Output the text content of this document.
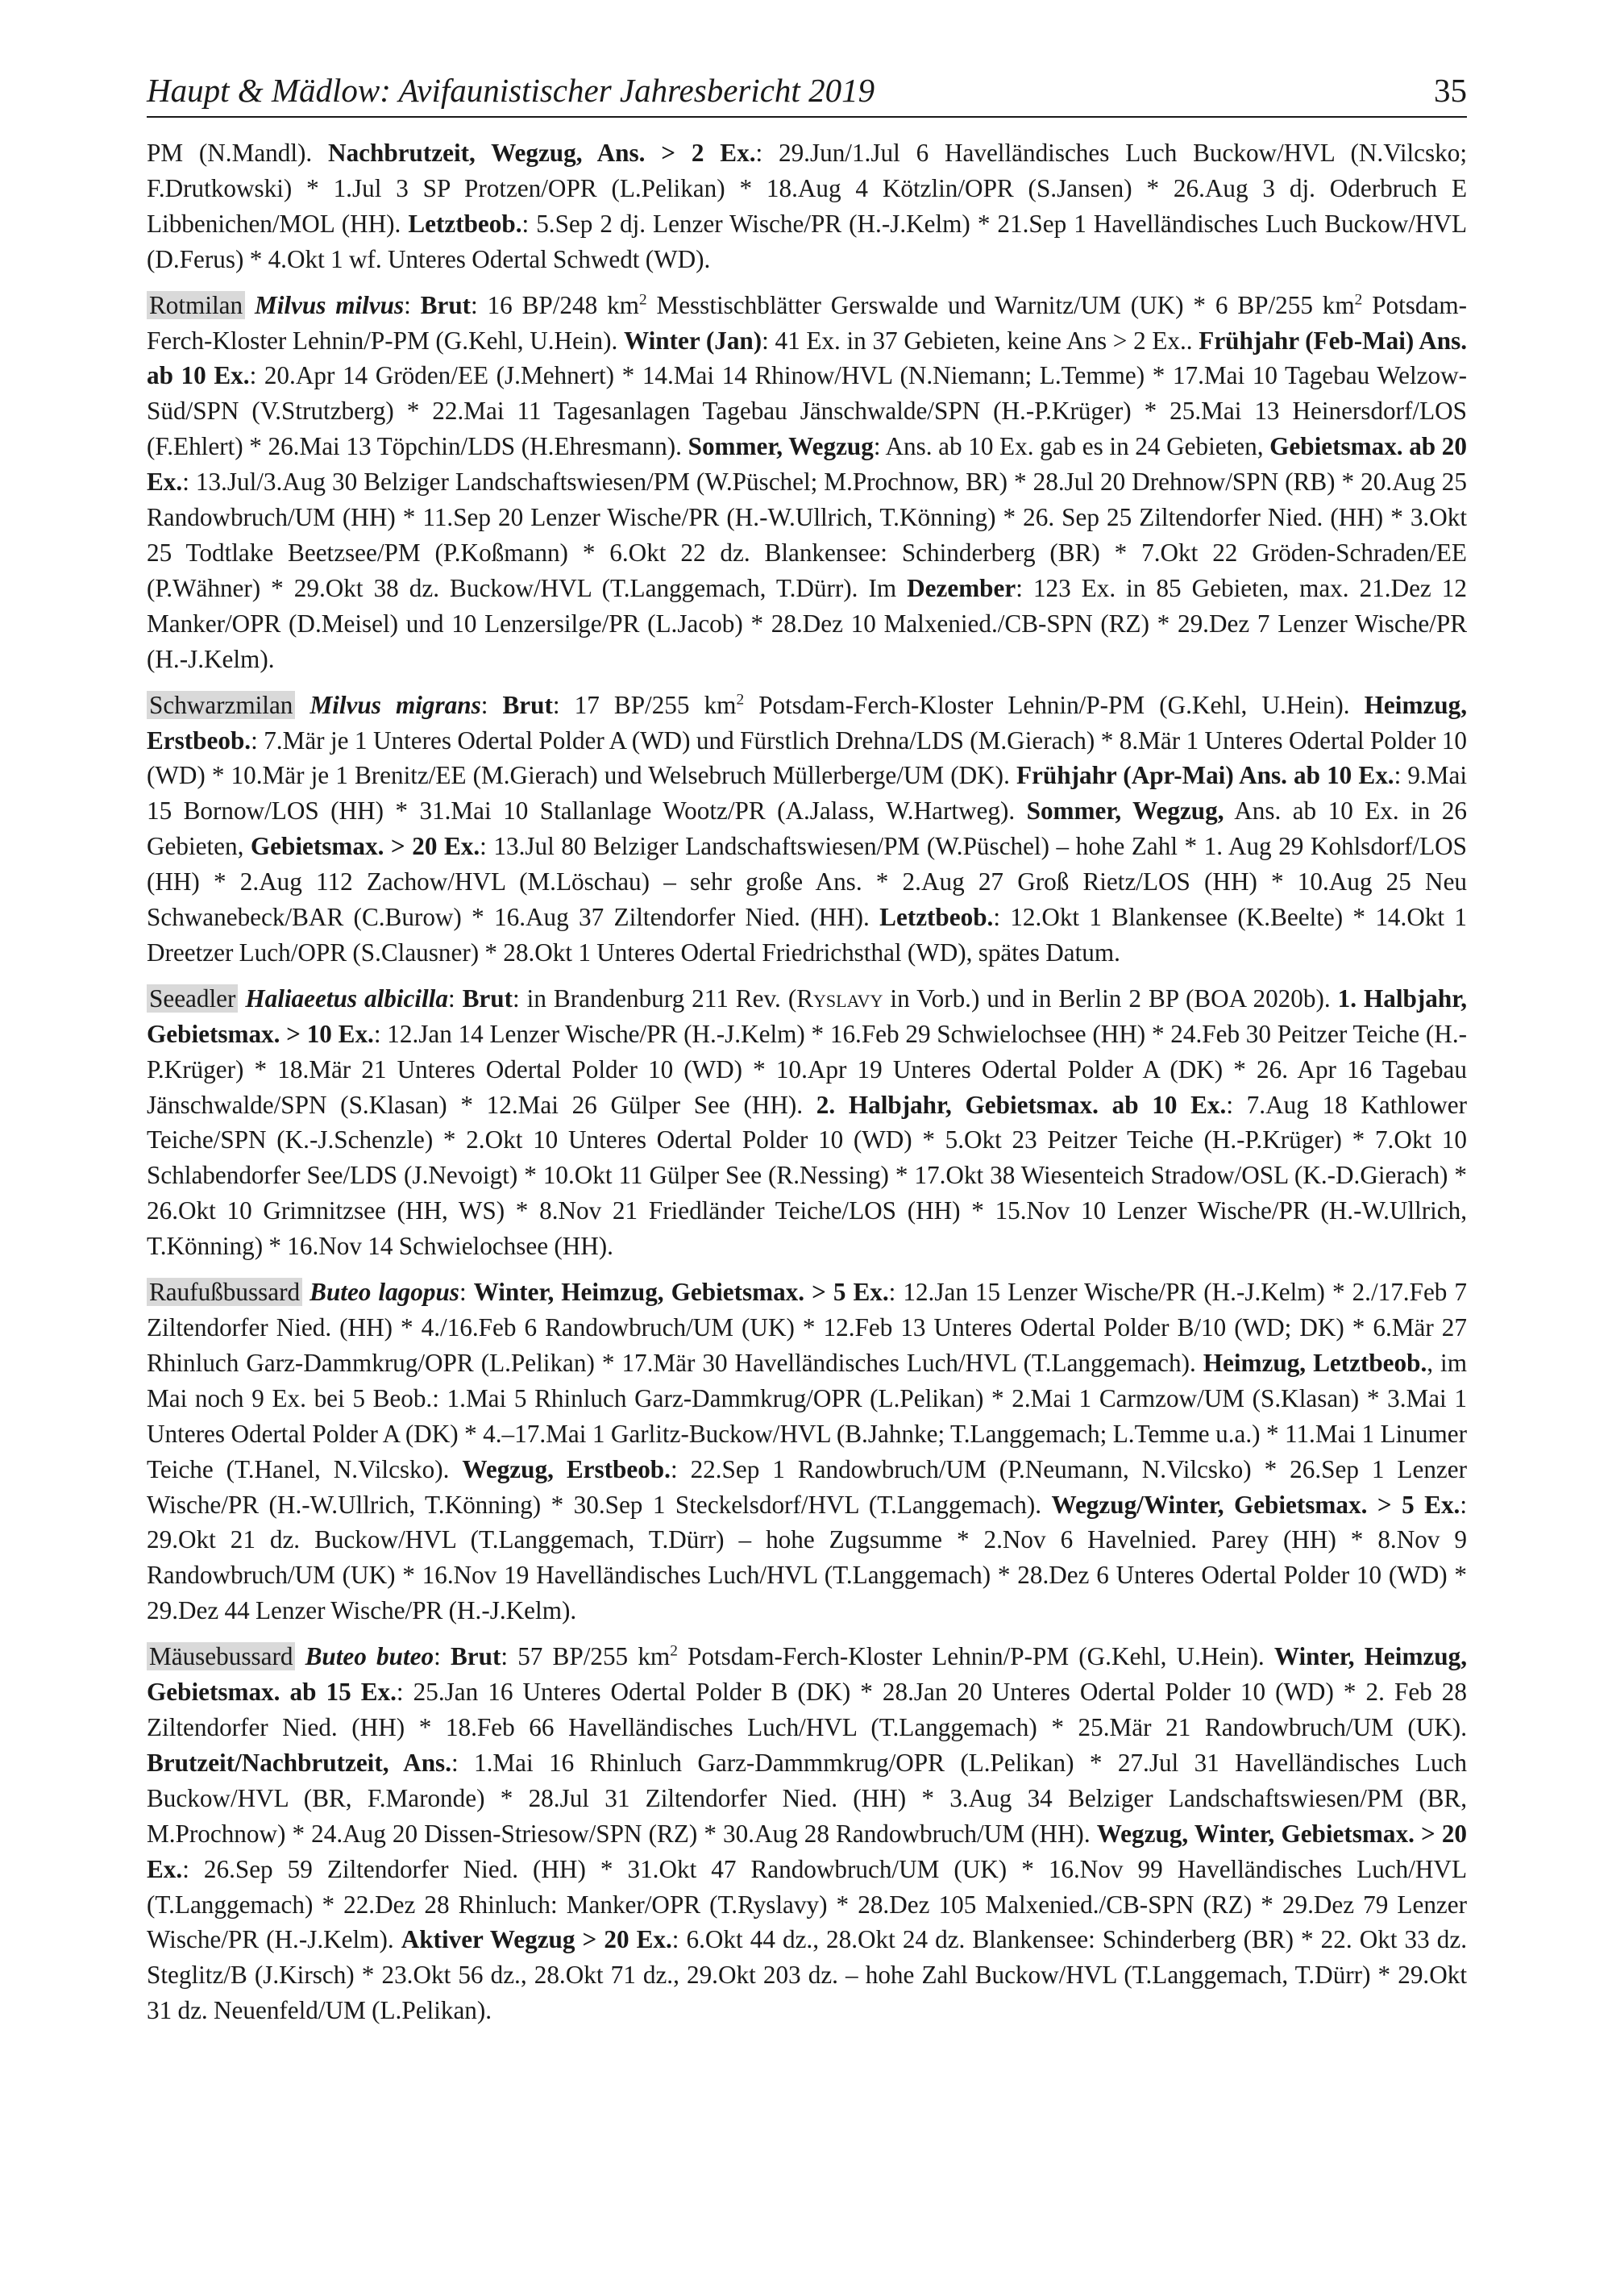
Haupt & Mädlow: Avifaunistischer Jahresbericht 2019	35

PM (N.Mandl). Nachbrutzeit, Wegzug, Ans. > 2 Ex.: 29.Jun/1.Jul 6 Havelländisches Luch Buckow/HVL (N.Vilcsko; F.Drutkowski) * 1.Jul 3 SP Protzen/OPR (L.Pelikan) * 18.Aug 4 Kötzlin/OPR (S.Jansen) * 26.Aug 3 dj. Oderbruch E Libbenichen/MOL (HH). Letztbeob.: 5.Sep 2 dj. Lenzer Wische/PR (H.-J.Kelm) * 21.Sep 1 Havelländisches Luch Buckow/HVL (D.Ferus) * 4.Okt 1 wf. Unteres Odertal Schwedt (WD).

Rotmilan Milvus milvus: Brut: 16 BP/248 $km^2$ Messtischblätter Gerswalde und Warnitz/UM (UK) * 6 BP/255 $km^2$ Potsdam-Ferch-Kloster Lehnin/P-PM (G.Kehl, U.Hein). Winter (Jan): 41 Ex. in 37 Gebieten, keine Ans > 2 Ex.. Frühjahr (Feb-Mai) Ans. ab 10 Ex.: 20.Apr 14 Gröden/EE (J.Mehnert) * 14.Mai 14 Rhinow/HVL (N.Niemann; L.Temme) * 17.Mai 10 Tagebau Welzow-Süd/SPN (V.Strutzberg) * 22.Mai 11 Tagesanlagen Tagebau Jänschwalde/SPN (H.-P.Krüger) * 25.Mai 13 Heinersdorf/LOS (F.Ehlert) * 26.Mai 13 Töpchin/LDS (H.Ehresmann). Sommer, Wegzug: Ans. ab 10 Ex. gab es in 24 Gebieten, Gebietsmax. ab 20 Ex.: 13.Jul/3.Aug 30 Belziger Landschaftswiesen/PM (W.Püschel; M.Prochnow, BR) * 28.Jul 20 Drehnow/SPN (RB) * 20.Aug 25 Randowbruch/UM (HH) * 11.Sep 20 Lenzer Wische/PR (H.-W.Ullrich, T.Könning) * 26. Sep 25 Ziltendorfer Nied. (HH) * 3.Okt 25 Todtlake Beetzsee/PM (P.Koßmann) * 6.Okt 22 dz. Blankensee: Schinderberg (BR) * 7.Okt 22 Gröden-Schraden/EE (P.Wähner) * 29.Okt 38 dz. Buckow/HVL (T.Langgemach, T.Dürr). Im Dezember: 123 Ex. in 85 Gebieten, max. 21.Dez 12 Manker/OPR (D.Meisel) und 10 Lenzersilge/PR (L.Jacob) * 28.Dez 10 Malxenied./CB-SPN (RZ) * 29.Dez 7 Lenzer Wische/PR (H.-J.Kelm).

Schwarzmilan Milvus migrans: Brut: 17 BP/255 $km^2$ Potsdam-Ferch-Kloster Lehnin/P-PM (G.Kehl, U.Hein). Heimzug, Erstbeob.: 7.Mär je 1 Unteres Odertal Polder A (WD) und Fürstlich Drehna/LDS (M.Gierach) * 8.Mär 1 Unteres Odertal Polder 10 (WD) * 10.Mär je 1 Brenitz/EE (M.Gierach) und Welsebruch Müllerberge/UM (DK). Frühjahr (Apr-Mai) Ans. ab 10 Ex.: 9.Mai 15 Bornow/LOS (HH) * 31.Mai 10 Stallanlage Wootz/PR (A.Jalass, W.Hartweg). Sommer, Wegzug, Ans. ab 10 Ex. in 26 Gebieten, Gebietsmax. > 20 Ex.: 13.Jul 80 Belziger Landschaftswiesen/PM (W.Püschel) – hohe Zahl * 1. Aug 29 Kohlsdorf/LOS (HH) * 2.Aug 112 Zachow/HVL (M.Löschau) – sehr große Ans. * 2.Aug 27 Groß Rietz/LOS (HH) * 10.Aug 25 Neu Schwanebeck/BAR (C.Burow) * 16.Aug 37 Ziltendorfer Nied. (HH). Letztbeob.: 12.Okt 1 Blankensee (K.Beelte) * 14.Okt 1 Dreetzer Luch/OPR (S.Clausner) * 28.Okt 1 Unteres Odertal Friedrichsthal (WD), spätes Datum.

Seeadler Haliaeetus albicilla: Brut: in Brandenburg 211 Rev. (Ryslavy in Vorb.) und in Berlin 2 BP (BOA 2020b). 1. Halbjahr, Gebietsmax. > 10 Ex.: 12.Jan 14 Lenzer Wische/PR (H.-J.Kelm) * 16.Feb 29 Schwielochsee (HH) * 24.Feb 30 Peitzer Teiche (H.-P.Krüger) * 18.Mär 21 Unteres Odertal Polder 10 (WD) * 10.Apr 19 Unteres Odertal Polder A (DK) * 26. Apr 16 Tagebau Jänschwalde/SPN (S.Klasan) * 12.Mai 26 Gülper See (HH). 2. Halbjahr, Gebietsmax. ab 10 Ex.: 7.Aug 18 Kathlower Teiche/SPN (K.-J.Schenzle) * 2.Okt 10 Unteres Odertal Polder 10 (WD) * 5.Okt 23 Peitzer Teiche (H.-P.Krüger) * 7.Okt 10 Schlabendorfer See/LDS (J.Nevoigt) * 10.Okt 11 Gülper See (R.Nessing) * 17.Okt 38 Wiesenteich Stradow/OSL (K.-D.Gierach) * 26.Okt 10 Grimnitzsee (HH, WS) * 8.Nov 21 Friedländer Teiche/LOS (HH) * 15.Nov 10 Lenzer Wische/PR (H.-W.Ullrich, T.Könning) * 16.Nov 14 Schwielochsee (HH).

Raufußbussard Buteo lagopus: Winter, Heimzug, Gebietsmax. > 5 Ex.: 12.Jan 15 Lenzer Wische/PR (H.-J.Kelm) * 2./17.Feb 7 Ziltendorfer Nied. (HH) * 4./16.Feb 6 Randowbruch/UM (UK) * 12.Feb 13 Unteres Odertal Polder B/10 (WD; DK) * 6.Mär 27 Rhinluch Garz-Dammkrug/OPR (L.Pelikan) * 17.Mär 30 Havelländisches Luch/HVL (T.Langgemach). Heimzug, Letztbeob., im Mai noch 9 Ex. bei 5 Beob.: 1.Mai 5 Rhinluch Garz-Dammkrug/OPR (L.Pelikan) * 2.Mai 1 Carmzow/UM (S.Klasan) * 3.Mai 1 Unteres Odertal Polder A (DK) * 4.–17.Mai 1 Garlitz-Buckow/HVL (B.Jahnke; T.Langgemach; L.Temme u.a.) * 11.Mai 1 Linumer Teiche (T.Hanel, N.Vilcsko). Wegzug, Erstbeob.: 22.Sep 1 Randowbruch/UM (P.Neumann, N.Vilcsko) * 26.Sep 1 Lenzer Wische/PR (H.-W.Ullrich, T.Könning) * 30.Sep 1 Steckelsdorf/HVL (T.Langgemach). Wegzug/Winter, Gebietsmax. > 5 Ex.: 29.Okt 21 dz. Buckow/HVL (T.Langgemach, T.Dürr) – hohe Zugsumme * 2.Nov 6 Havelnied. Parey (HH) * 8.Nov 9 Randowbruch/UM (UK) * 16.Nov 19 Havelländisches Luch/HVL (T.Langgemach) * 28.Dez 6 Unteres Odertal Polder 10 (WD) * 29.Dez 44 Lenzer Wische/PR (H.-J.Kelm).

Mäusebussard Buteo buteo: Brut: 57 BP/255 $km^2$ Potsdam-Ferch-Kloster Lehnin/P-PM (G.Kehl, U.Hein). Winter, Heimzug, Gebietsmax. ab 15 Ex.: 25.Jan 16 Unteres Odertal Polder B (DK) * 28.Jan 20 Unteres Odertal Polder 10 (WD) * 2. Feb 28 Ziltendorfer Nied. (HH) * 18.Feb 66 Havelländisches Luch/HVL (T.Langgemach) * 25.Mär 21 Randowbruch/UM (UK). Brutzeit/Nachbrutzeit, Ans.: 1.Mai 16 Rhinluch Garz-Dammmkrug/OPR (L.Pelikan) * 27.Jul 31 Havelländisches Luch Buckow/HVL (BR, F.Maronde) * 28.Jul 31 Ziltendorfer Nied. (HH) * 3.Aug 34 Belziger Landschaftswiesen/PM (BR, M.Prochnow) * 24.Aug 20 Dissen-Striesow/SPN (RZ) * 30.Aug 28 Randowbruch/UM (HH). Wegzug, Winter, Gebietsmax. > 20 Ex.: 26.Sep 59 Ziltendorfer Nied. (HH) * 31.Okt 47 Randowbruch/UM (UK) * 16.Nov 99 Havelländisches Luch/HVL (T.Langgemach) * 22.Dez 28 Rhinluch: Manker/OPR (T.Ryslavy) * 28.Dez 105 Malxenied./CB-SPN (RZ) * 29.Dez 79 Lenzer Wische/PR (H.-J.Kelm). Aktiver Wegzug > 20 Ex.: 6.Okt 44 dz., 28.Okt 24 dz. Blankensee: Schinderberg (BR) * 22. Okt 33 dz. Steglitz/B (J.Kirsch) * 23.Okt 56 dz., 28.Okt 71 dz., 29.Okt 203 dz. – hohe Zahl Buckow/HVL (T.Langgemach, T.Dürr) * 29.Okt 31 dz. Neuenfeld/UM (L.Pelikan).
